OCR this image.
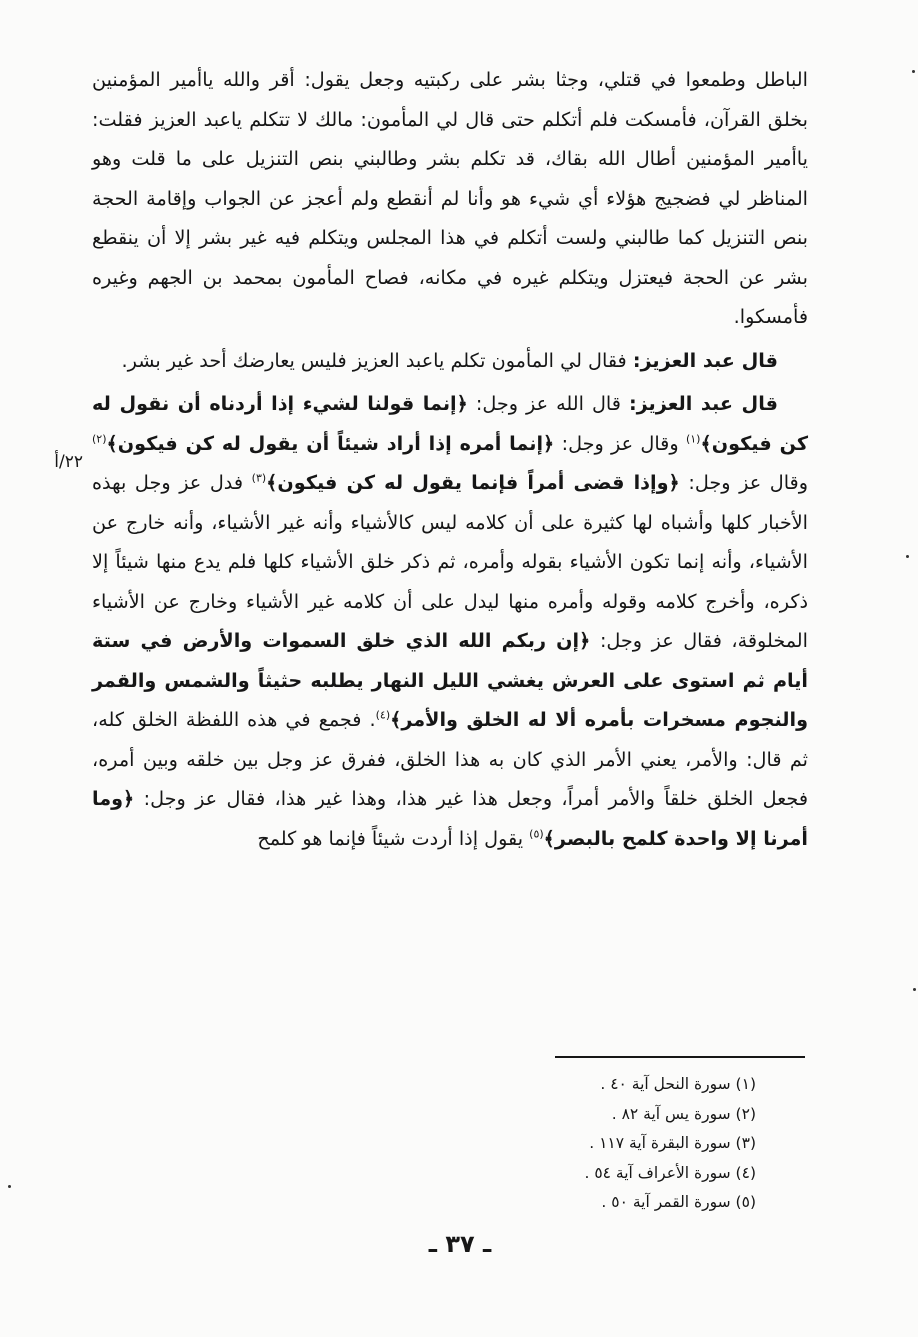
الباطل وطمعوا في قتلي، وجثا بشر على ركبتيه وجعل يقول: أقر والله ياأمير المؤمنين بخلق القرآن، فأمسكت فلم أتكلم حتى قال لي المأمون: مالك لا تتكلم ياعبد العزيز فقلت: ياأمير المؤمنين أطال الله بقاك، قد تكلم بشر وطالبني بنص التنزيل على ما قلت وهو المناظر لي فضجيج هؤلاء أي شيء هو وأنا لم أنقطع ولم أعجز عن الجواب وإقامة الحجة بنص التنزيل كما طالبني ولست أتكلم في هذا المجلس ويتكلم فيه غير بشر إلا أن ينقطع بشر عن الحجة فيعتزل ويتكلم غيره في مكانه، فصاح المأمون بمحمد بن الجهم وغيره فأمسكوا.

قال عبد العزيز: فقال لي المأمون تكلم ياعبد العزيز فليس يعارضك أحد غير بشر.

قال عبد العزيز: قال الله عز وجل: ﴿إنما قولنا لشيء إذا أردناه أن نقول له كن فيكون﴾$^{(١)}$ وقال عز وجل: ﴿إنما أمره إذا أراد شيئاً أن يقول له كن فيكون﴾$^{(٢)}$ وقال عز وجل: ﴿وإذا قضى أمراً فإنما يقول له كن فيكون﴾$^{(٣)}$ فدل عز وجل بهذه الأخبار كلها وأشباه لها كثيرة على أن كلامه ليس كالأشياء وأنه غير الأشياء، وأنه خارج عن الأشياء، وأنه إنما تكون الأشياء بقوله وأمره، ثم ذكر خلق الأشياء كلها فلم يدع منها شيئاً إلا ذكره، وأخرج كلامه وقوله وأمره منها ليدل على أن كلامه غير الأشياء وخارج عن الأشياء المخلوقة، فقال عز وجل: ﴿إن ربكم الله الذي خلق السموات والأرض في ستة أيام ثم استوى على العرش يغشي الليل النهار يطلبه حثيثاً والشمس والقمر والنجوم مسخرات بأمره ألا له الخلق والأمر﴾$^{(٤)}$. فجمع في هذه اللفظة الخلق كله، ثم قال: والأمر، يعني الأمر الذي كان به هذا الخلق، ففرق عز وجل بين خلقه وبين أمره، فجعل الخلق خلقاً والأمر أمراً، وجعل هذا غير هذا، وهذا غير هذا، فقال عز وجل: ﴿وما أمرنا إلا واحدة كلمح بالبصر﴾$^{(٥)}$ يقول إذا أردت شيئاً فإنما هو كلمح

٢٢/أ
(١) سورة النحل آية ٤٠ .
(٢) سورة يس آية ٨٢ .
(٣) سورة البقرة آية ١١٧ .
(٤) سورة الأعراف آية ٥٤ .
(٥) سورة القمر آية ٥٠ .
ـ ٣٧ ـ
